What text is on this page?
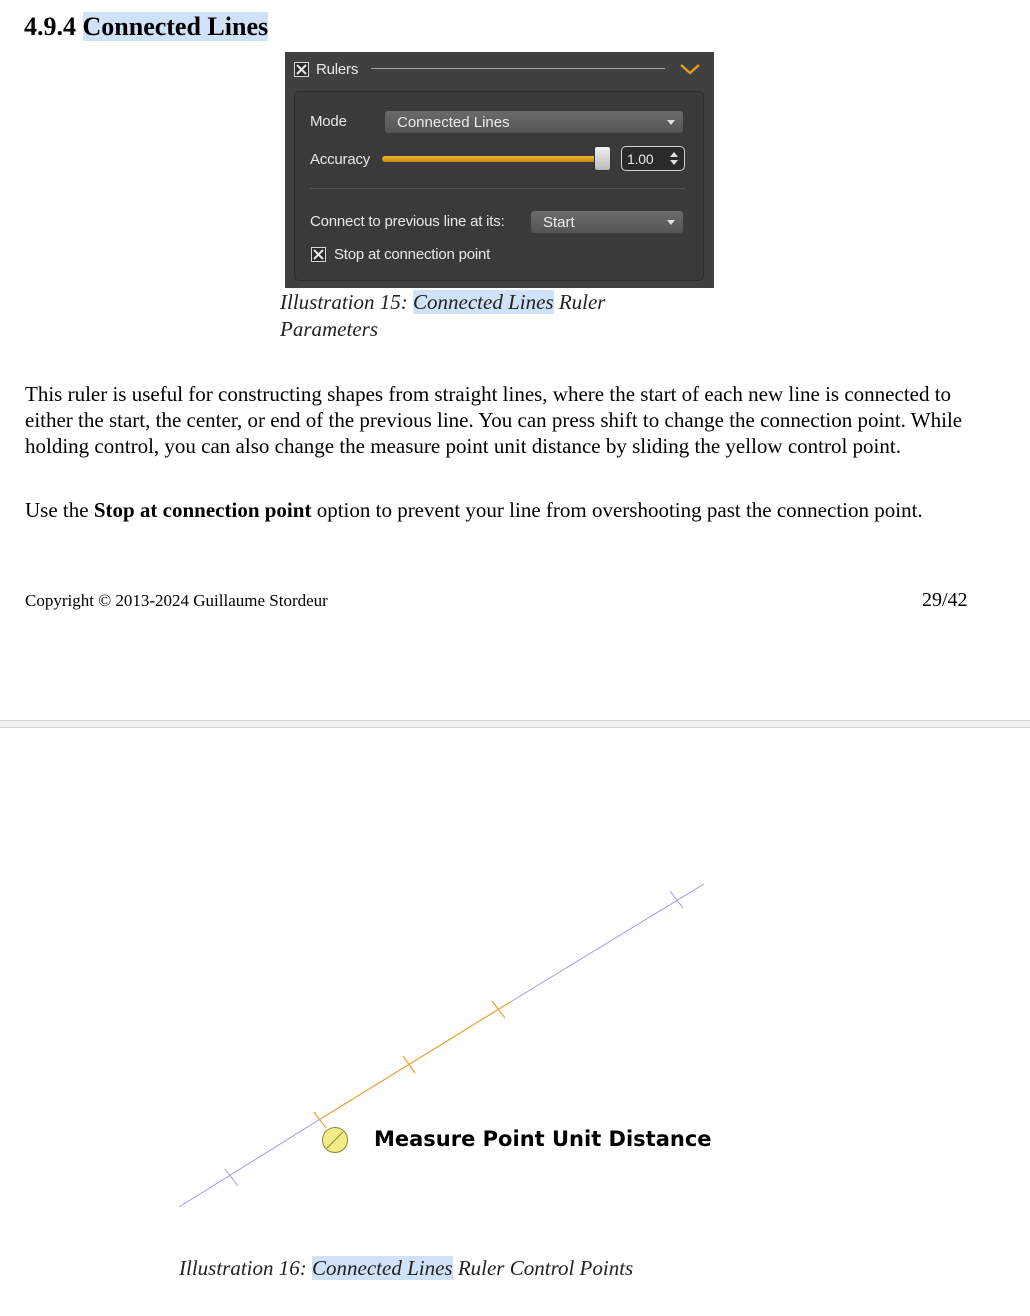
4.9.4 Connected Lines
Rulers
Mode	Connected Lines
Accuracy	1.00
Connect to previous line at its:	Start
Stop at connection point
Illustration 15: Connected Lines Ruler
Parameters

This ruler is useful for constructing shapes from straight lines, where the start of each new line is connected to either the start, the center, or end of the previous line. You can press shift to change the connection point. While holding control, you can also change the measure point unit distance by sliding the yellow control point.

Use the Stop at connection point option to prevent your line from overshooting past the connection point.

Copyright © 2013-2024 Guillaume Stordeur	29/42
Measure Point Unit Distance
Illustration 16: Connected Lines Ruler Control Points
